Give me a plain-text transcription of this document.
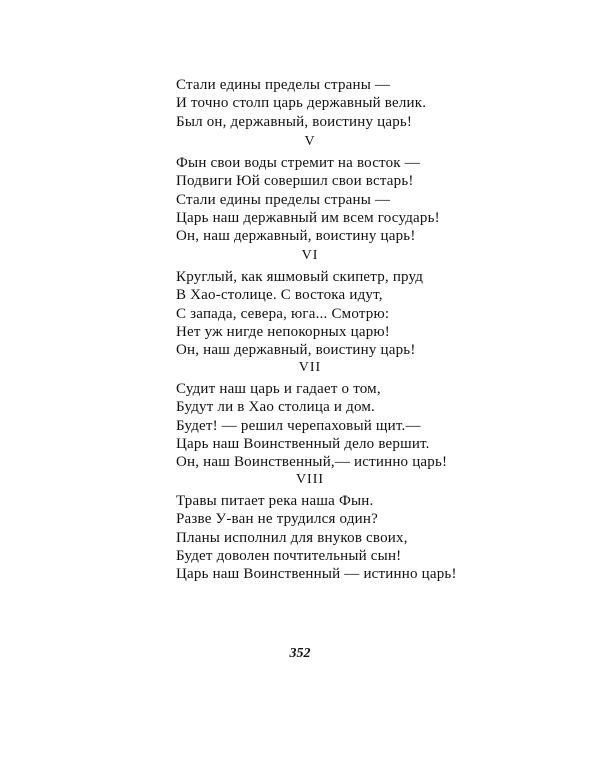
Стали едины пределы страны —
И точно столп царь державный велик.
Был он, державный, воистину царь!
V
Фын свои воды стремит на восток —
Подвиги Юй совершил свои встарь!
Стали едины пределы страны —
Царь наш державный им всем государь!
Он, наш державный, воистину царь!
VI
Круглый, как яшмовый скипетр, пруд
В Хао-столице. С востока идут,
С запада, севера, юга... Смотрю:
Нет уж нигде непокорных царю!
Он, наш державный, воистину царь!
VII
Судит наш царь и гадает о том,
Будут ли в Хао столица и дом.
Будет! — решил черепаховый щит.—
Царь наш Воинственный дело вершит.
Он, наш Воинственный,— истинно царь!
VIII
Травы питает река наша Фын.
Разве У-ван не трудился один?
Планы исполнил для внуков своих,
Будет доволен почтительный сын!
Царь наш Воинственный — истинно царь!
352
